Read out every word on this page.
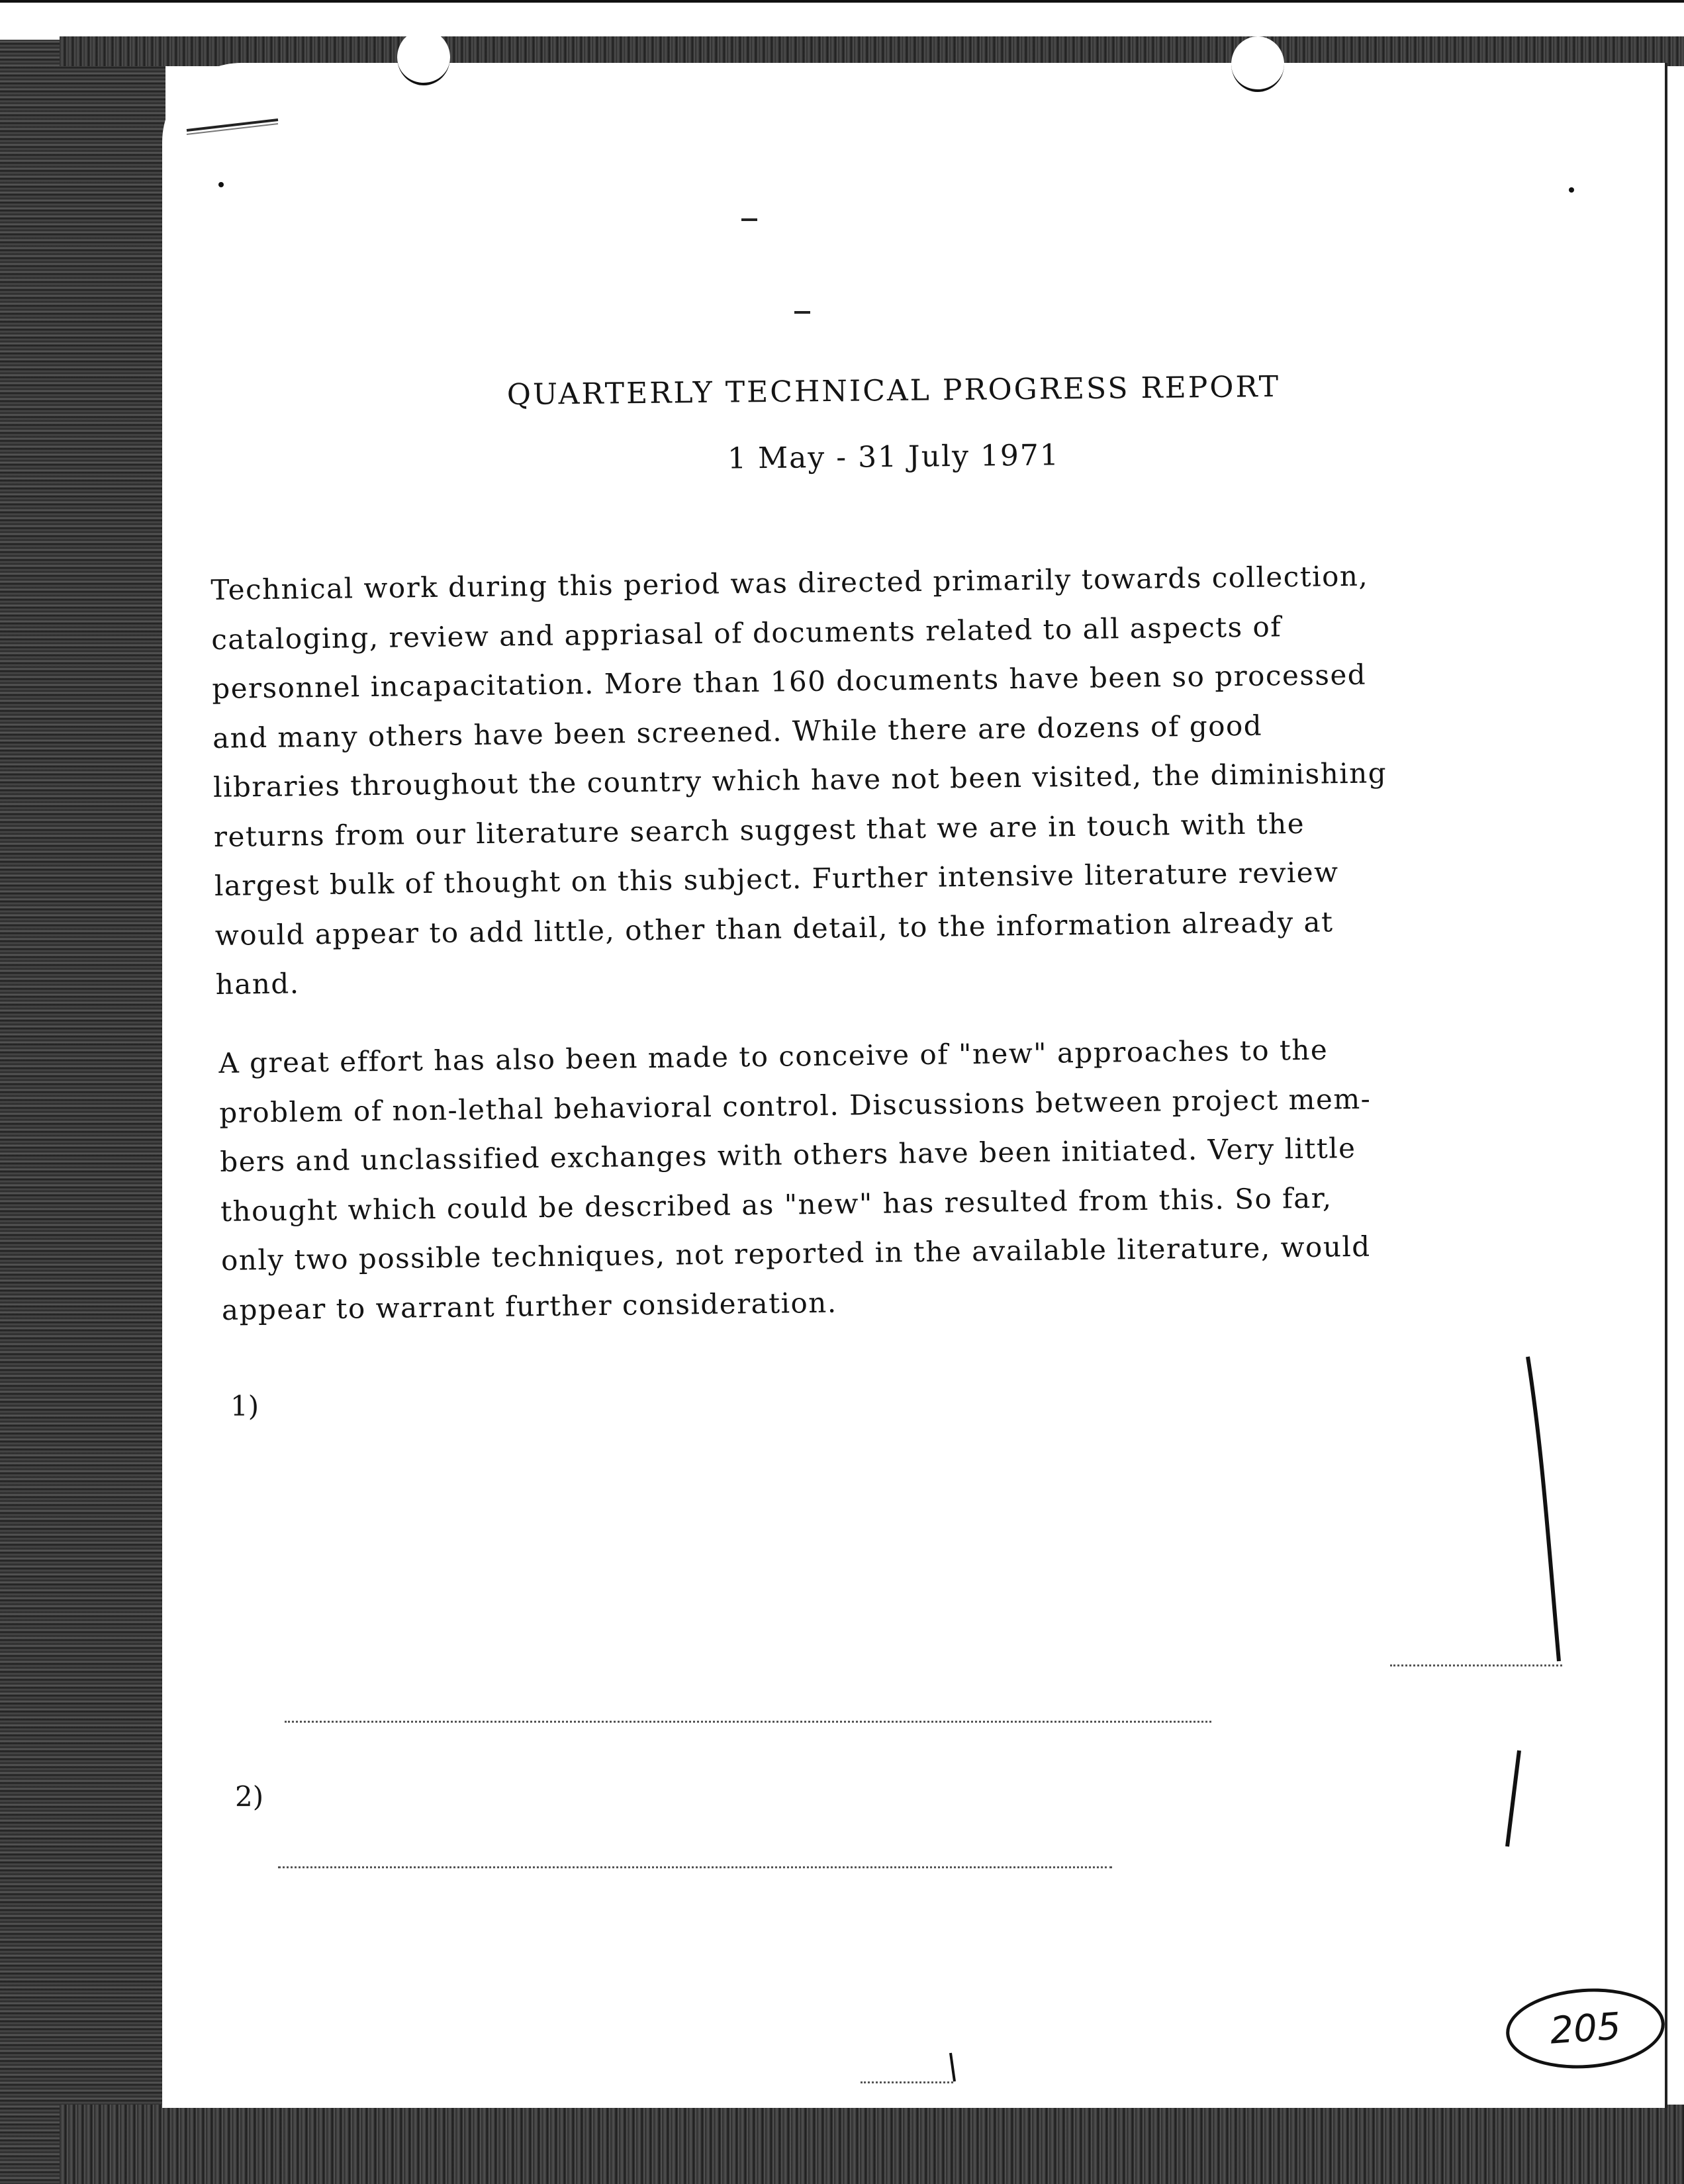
QUARTERLY TECHNICAL PROGRESS REPORT
1 May - 31 July 1971
Technical work during this period was directed primarily towards collection,
cataloging, review and appriasal of documents related to all aspects of
personnel incapacitation. More than 160 documents have been so processed
and many others have been screened. While there are dozens of good
libraries throughout the country which have not been visited, the diminishing
returns from our literature search suggest that we are in touch with the
largest bulk of thought on this subject. Further intensive literature review
would appear to add little, other than detail, to the information already at
hand.
A great effort has also been made to conceive of "new" approaches to the
problem of non-lethal behavioral control. Discussions between project mem-
bers and unclassified exchanges with others have been initiated. Very little
thought which could be described as "new" has resulted from this. So far,
only two possible techniques, not reported in the available literature, would
appear to warrant further consideration.
1)
2)
205
